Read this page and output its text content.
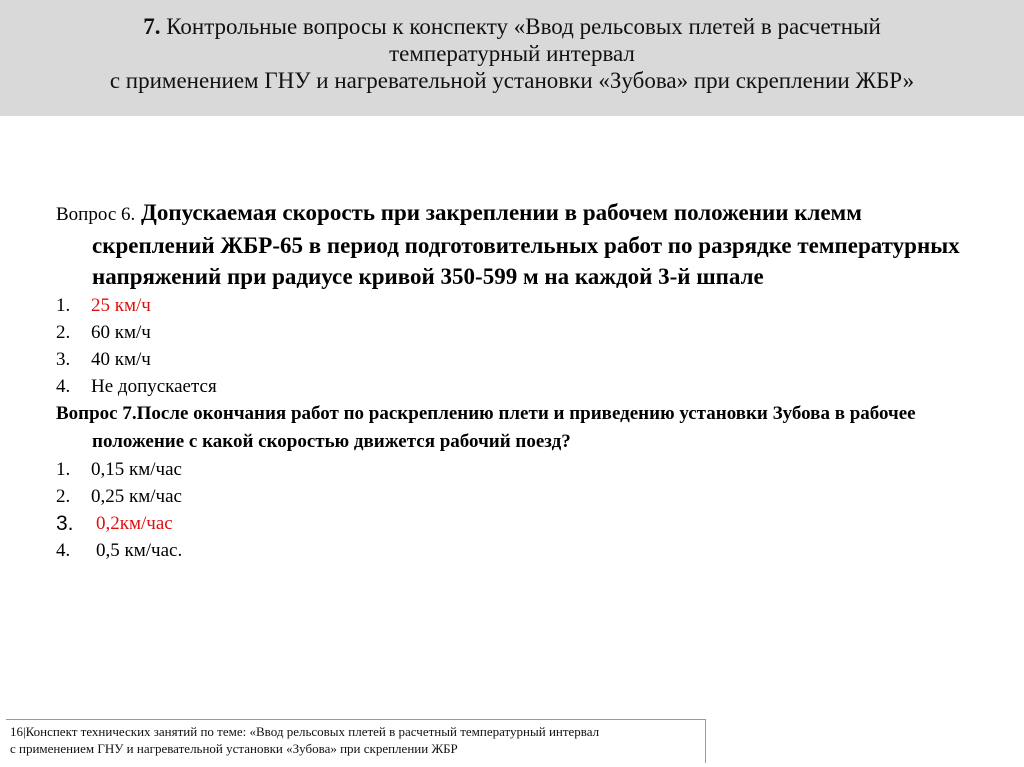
7. Контрольные вопросы к конспекту «Ввод рельсовых плетей в расчетный
температурный интервал
с применением ГНУ и нагревательной установки «Зубова» при скреплении ЖБР»
Вопрос 6. Допускаемая скорость при закреплении в рабочем положении клемм скреплений ЖБР-65 в период подготовительных работ по разрядке температурных напряжений при радиусе кривой 350-599 м на каждой 3-й шпале
1.	25 км/ч
2.	60 км/ч
3.	40 км/ч
4.	Не допускается
Вопрос 7.После окончания работ по раскреплению плети и приведению установки Зубова в рабочее положение с какой скоростью движется рабочий поезд?
1.	0,15 км/час
2.	0,25 км/час
3.	0,2км/час
4.	0,5 км/час.
16|Конспект технических занятий по теме: «Ввод рельсовых плетей в расчетный температурный интервал
с применением ГНУ и нагревательной установки «Зубова» при скреплении ЖБР
